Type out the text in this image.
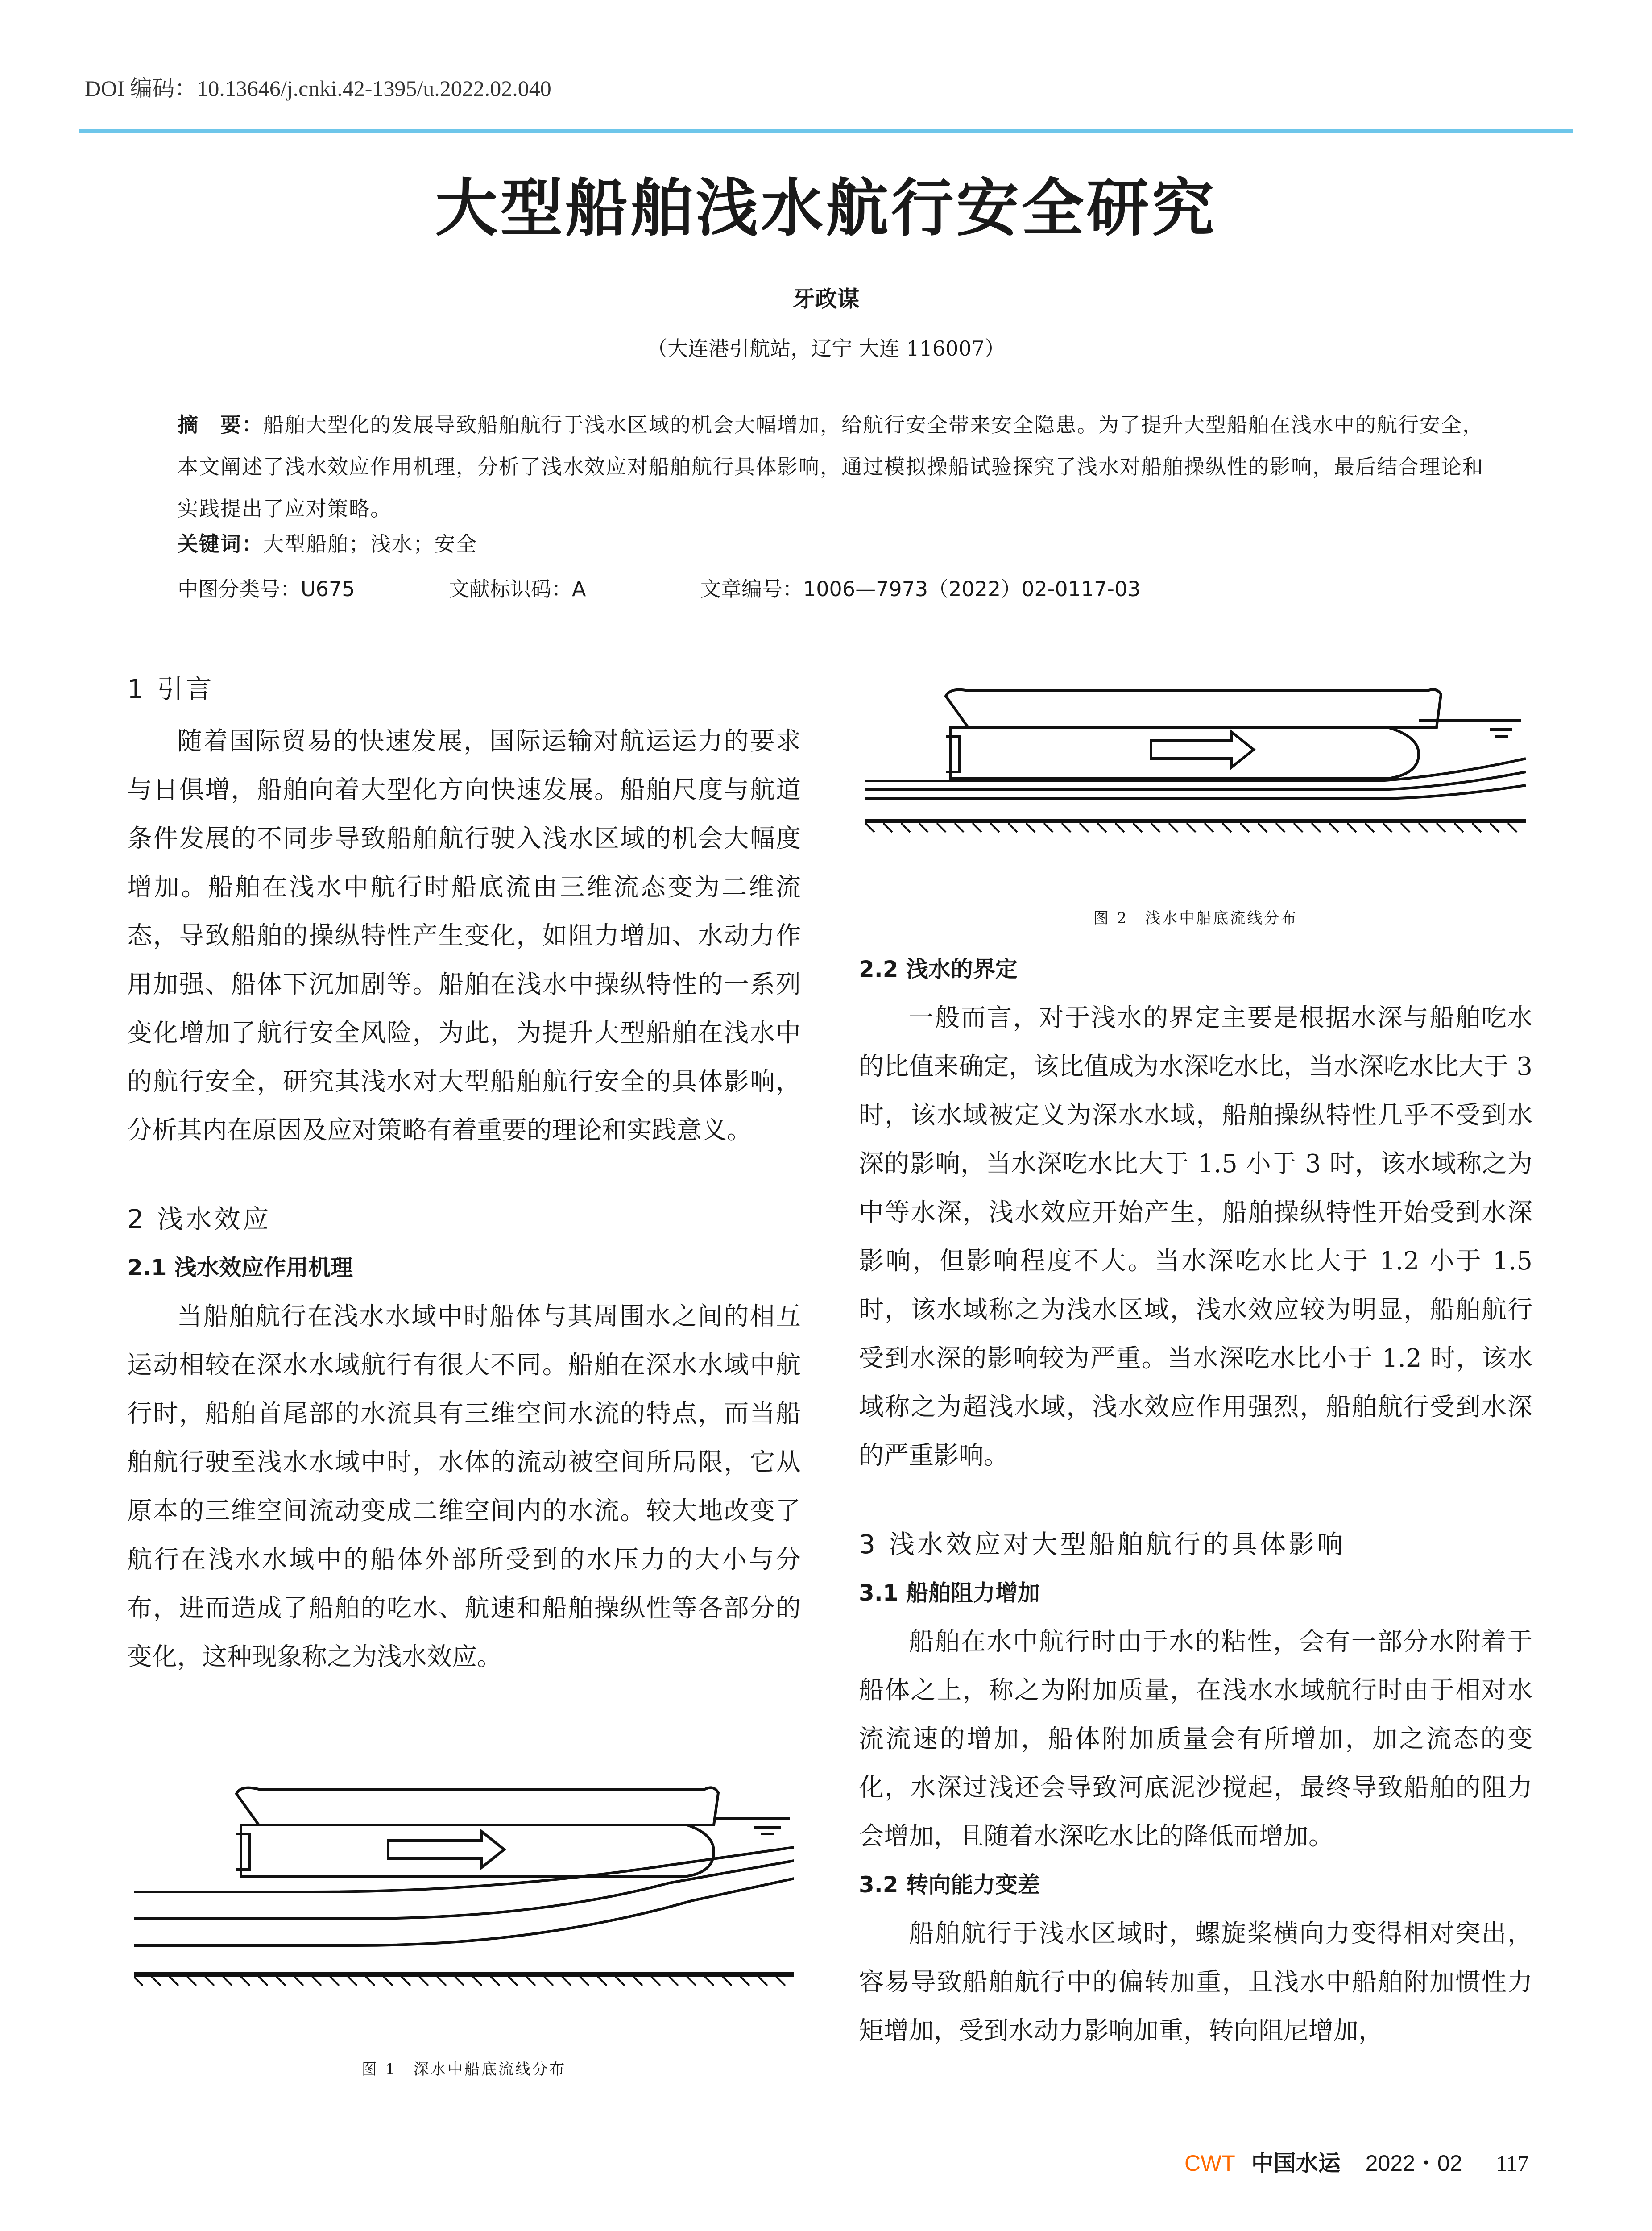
DOI 编码：10.13646/j.cnki.42-1395/u.2022.02.040
大型船舶浅水航行安全研究
牙政谋
（大连港引航站，辽宁 大连 116007）
摘　要：船舶大型化的发展导致船舶航行于浅水区域的机会大幅增加，给航行安全带来安全隐患。为了提升大型船舶在浅水中的航行安全，本文阐述了浅水效应作用机理，分析了浅水效应对船舶航行具体影响，通过模拟操船试验探究了浅水对船舶操纵性的影响，最后结合理论和实践提出了应对策略。
关键词：大型船舶；浅水；安全
中图分类号：U675	文献标识码：A	文章编号：1006—7973（2022）02-0117-03
1 引言

随着国际贸易的快速发展，国际运输对航运运力的要求与日俱增，船舶向着大型化方向快速发展。船舶尺度与航道条件发展的不同步导致船舶航行驶入浅水区域的机会大幅度增加。船舶在浅水中航行时船底流由三维流态变为二维流态，导致船舶的操纵特性产生变化，如阻力增加、水动力作用加强、船体下沉加剧等。船舶在浅水中操纵特性的一系列变化增加了航行安全风险，为此，为提升大型船舶在浅水中的航行安全，研究其浅水对大型船舶航行安全的具体影响，分析其内在原因及应对策略有着重要的理论和实践意义。

2 浅水效应
2.1 浅水效应作用机理

当船舶航行在浅水水域中时船体与其周围水之间的相互运动相较在深水水域航行有很大不同。船舶在深水水域中航行时，船舶首尾部的水流具有三维空间水流的特点，而当船舶航行驶至浅水水域中时，水体的流动被空间所局限，它从原本的三维空间流动变成二维空间内的水流。较大地改变了航行在浅水水域中的船体外部所受到的水压力的大小与分布，进而造成了船舶的吃水、航速和船舶操纵性等各部分的变化，这种现象称之为浅水效应。

图 1　深水中船底流线分布
图 2　浅水中船底流线分布
2.2 浅水的界定

一般而言，对于浅水的界定主要是根据水深与船舶吃水的比值来确定，该比值成为水深吃水比，当水深吃水比大于 3 时，该水域被定义为深水水域，船舶操纵特性几乎不受到水深的影响，当水深吃水比大于 1.5 小于 3 时，该水域称之为中等水深，浅水效应开始产生，船舶操纵特性开始受到水深影响，但影响程度不大。当水深吃水比大于 1.2 小于 1.5 时，该水域称之为浅水区域，浅水效应较为明显，船舶航行受到水深的影响较为严重。当水深吃水比小于 1.2 时，该水域称之为超浅水域，浅水效应作用强烈，船舶航行受到水深的严重影响。

3 浅水效应对大型船舶航行的具体影响
3.1 船舶阻力增加

船舶在水中航行时由于水的粘性，会有一部分水附着于船体之上，称之为附加质量，在浅水水域航行时由于相对水流流速的增加，船体附加质量会有所增加，加之流态的变化，水深过浅还会导致河底泥沙搅起，最终导致船舶的阻力会增加，且随着水深吃水比的降低而增加。

3.2 转向能力变差

船舶航行于浅水区域时，螺旋桨横向力变得相对突出，容易导致船舶航行中的偏转加重，且浅水中船舶附加惯性力矩增加，受到水动力影响加重，转向阻尼增加，

CWT 中国水运 2022・02 117
